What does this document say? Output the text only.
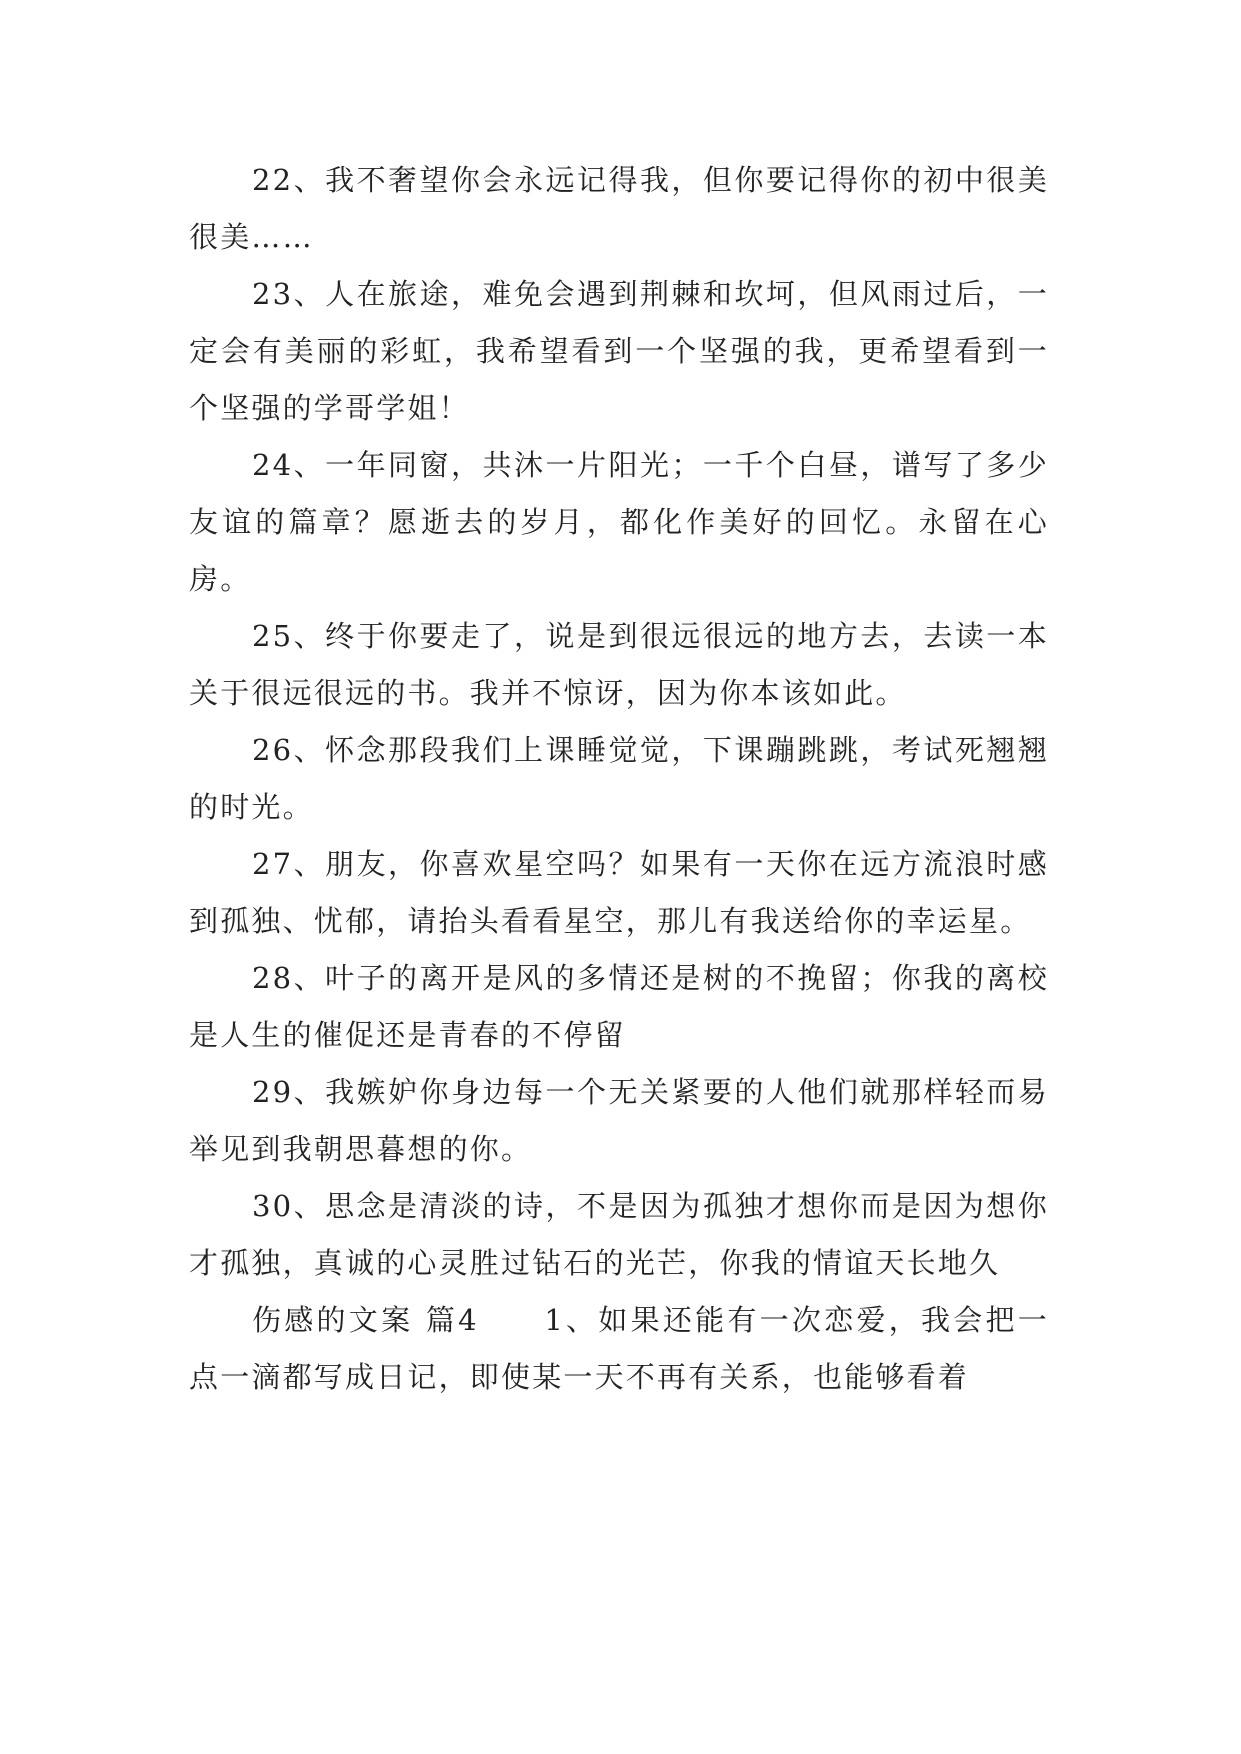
22、我不奢望你会永远记得我，但你要记得你的初中很美很美……

23、人在旅途，难免会遇到荆棘和坎坷，但风雨过后，一定会有美丽的彩虹，我希望看到一个坚强的我，更希望看到一个坚强的学哥学姐！

24、一年同窗，共沐一片阳光；一千个白昼，谱写了多少友谊的篇章？愿逝去的岁月，都化作美好的回忆。永留在心房。

25、终于你要走了，说是到很远很远的地方去，去读一本关于很远很远的书。我并不惊讶，因为你本该如此。

26、怀念那段我们上课睡觉觉，下课蹦跳跳，考试死翘翘的时光。

27、朋友，你喜欢星空吗？如果有一天你在远方流浪时感到孤独、忧郁，请抬头看看星空，那儿有我送给你的幸运星。

28、叶子的离开是风的多情还是树的不挽留；你我的离校是人生的催促还是青春的不停留

29、我嫉妒你身边每一个无关紧要的人他们就那样轻而易举见到我朝思暮想的你。

30、思念是清淡的诗，不是因为孤独才想你而是因为想你才孤独，真诚的心灵胜过钻石的光芒，你我的情谊天长地久

伤感的文案 篇4　　1、如果还能有一次恋爱，我会把一点一滴都写成日记，即使某一天不再有关系，也能够看着
